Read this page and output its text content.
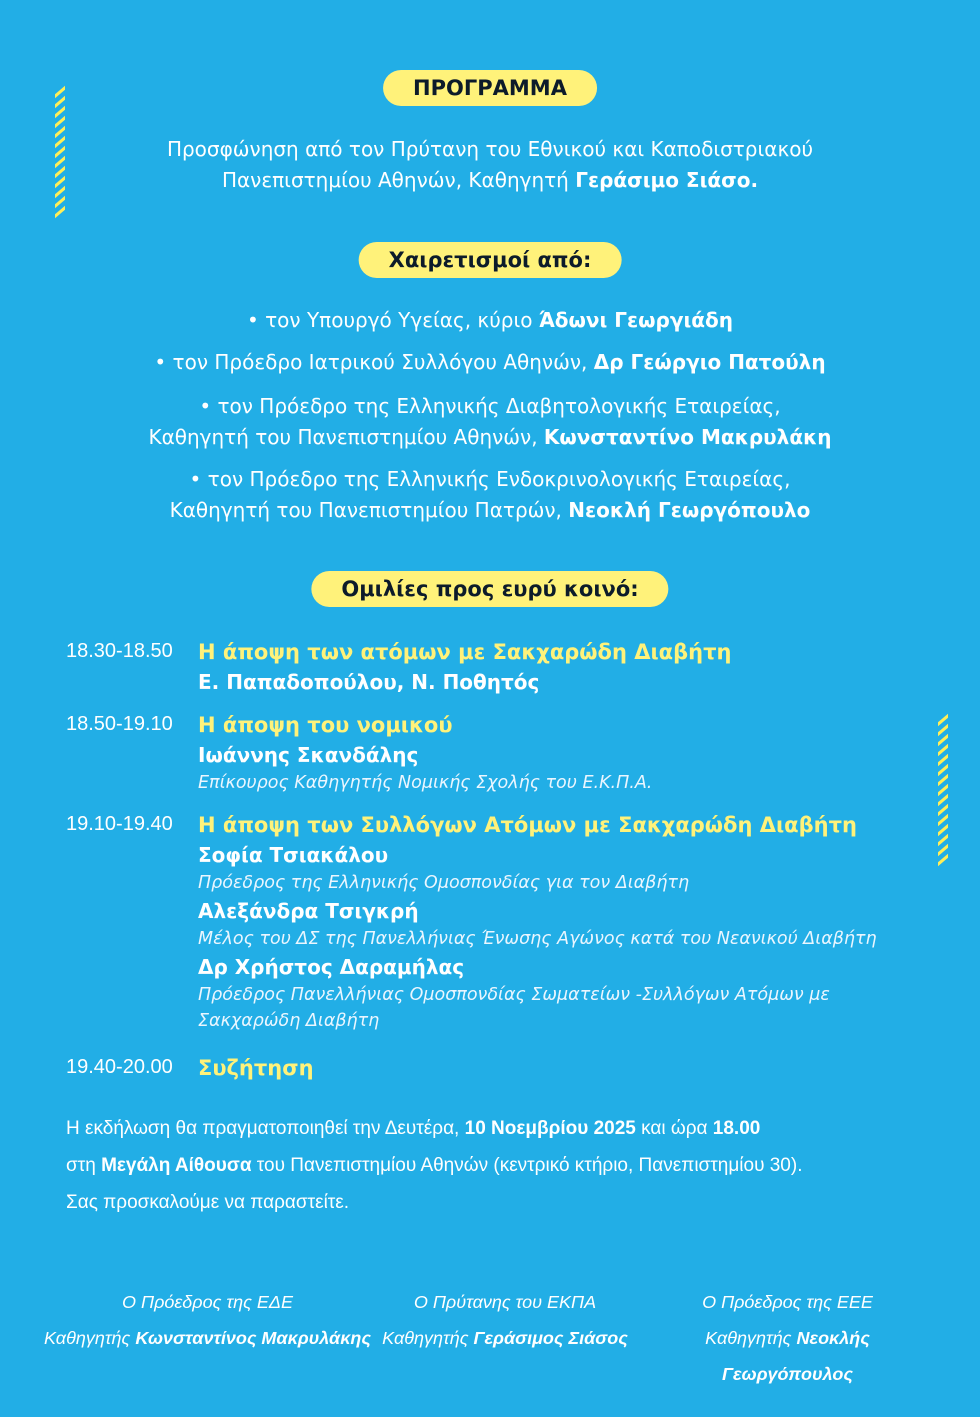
ΠΡΟΓΡΑΜΜΑ
Προσφώνηση από τον Πρύτανη του Εθνικού και Καποδιστριακού
Πανεπιστημίου Αθηνών, Καθηγητή Γεράσιμο Σιάσο.
Χαιρετισμοί από:
• τον Υπουργό Υγείας, κύριο Άδωνι Γεωργιάδη
• τον Πρόεδρο Ιατρικού Συλλόγου Αθηνών, Δρ Γεώργιο Πατούλη
• τον Πρόεδρο της Ελληνικής Διαβητολογικής Εταιρείας,
Καθηγητή του Πανεπιστημίου Αθηνών, Κωνσταντίνο Μακρυλάκη
• τον Πρόεδρο της Ελληνικής Ενδοκρινολογικής Εταιρείας,
Καθηγητή του Πανεπιστημίου Πατρών, Νεοκλή Γεωργόπουλο
Ομιλίες προς ευρύ κοινό:
18.30-18.50 Η άποψη των ατόμων με Σακχαρώδη Διαβήτη
Ε. Παπαδοπούλου, Ν. Ποθητός
18.50-19.10 Η άποψη του νομικού
Ιωάννης Σκανδάλης
Επίκουρος Καθηγητής Νομικής Σχολής του Ε.Κ.Π.Α.
19.10-19.40 Η άποψη των Συλλόγων Ατόμων με Σακχαρώδη Διαβήτη
Σοφία Τσιακάλου
Πρόεδρος της Ελληνικής Ομοσπονδίας για τον Διαβήτη
Αλεξάνδρα Τσιγκρή
Μέλος του ΔΣ της Πανελλήνιας Ένωσης Αγώνος κατά του Νεανικού Διαβήτη
Δρ Χρήστος Δαραμήλας
Πρόεδρος Πανελλήνιας Ομοσπονδίας Σωματείων -Συλλόγων Ατόμων με
Σακχαρώδη Διαβήτη
19.40-20.00 Συζήτηση
Η εκδήλωση θα πραγματοποιηθεί την Δευτέρα, 10 Νοεμβρίου 2025 και ώρα 18.00
στη Μεγάλη Αίθουσα του Πανεπιστημίου Αθηνών (κεντρικό κτήριο, Πανεπιστημίου 30).
Σας προσκαλούμε να παραστείτε.
Ο Πρόεδρος της ΕΔΕ
Καθηγητής Κωνσταντίνος Μακρυλάκης
Ο Πρύτανης του ΕΚΠΑ
Καθηγητής Γεράσιμος Σιάσος
Ο Πρόεδρος της ΕΕΕ
Καθηγητής Νεοκλής Γεωργόπουλος
